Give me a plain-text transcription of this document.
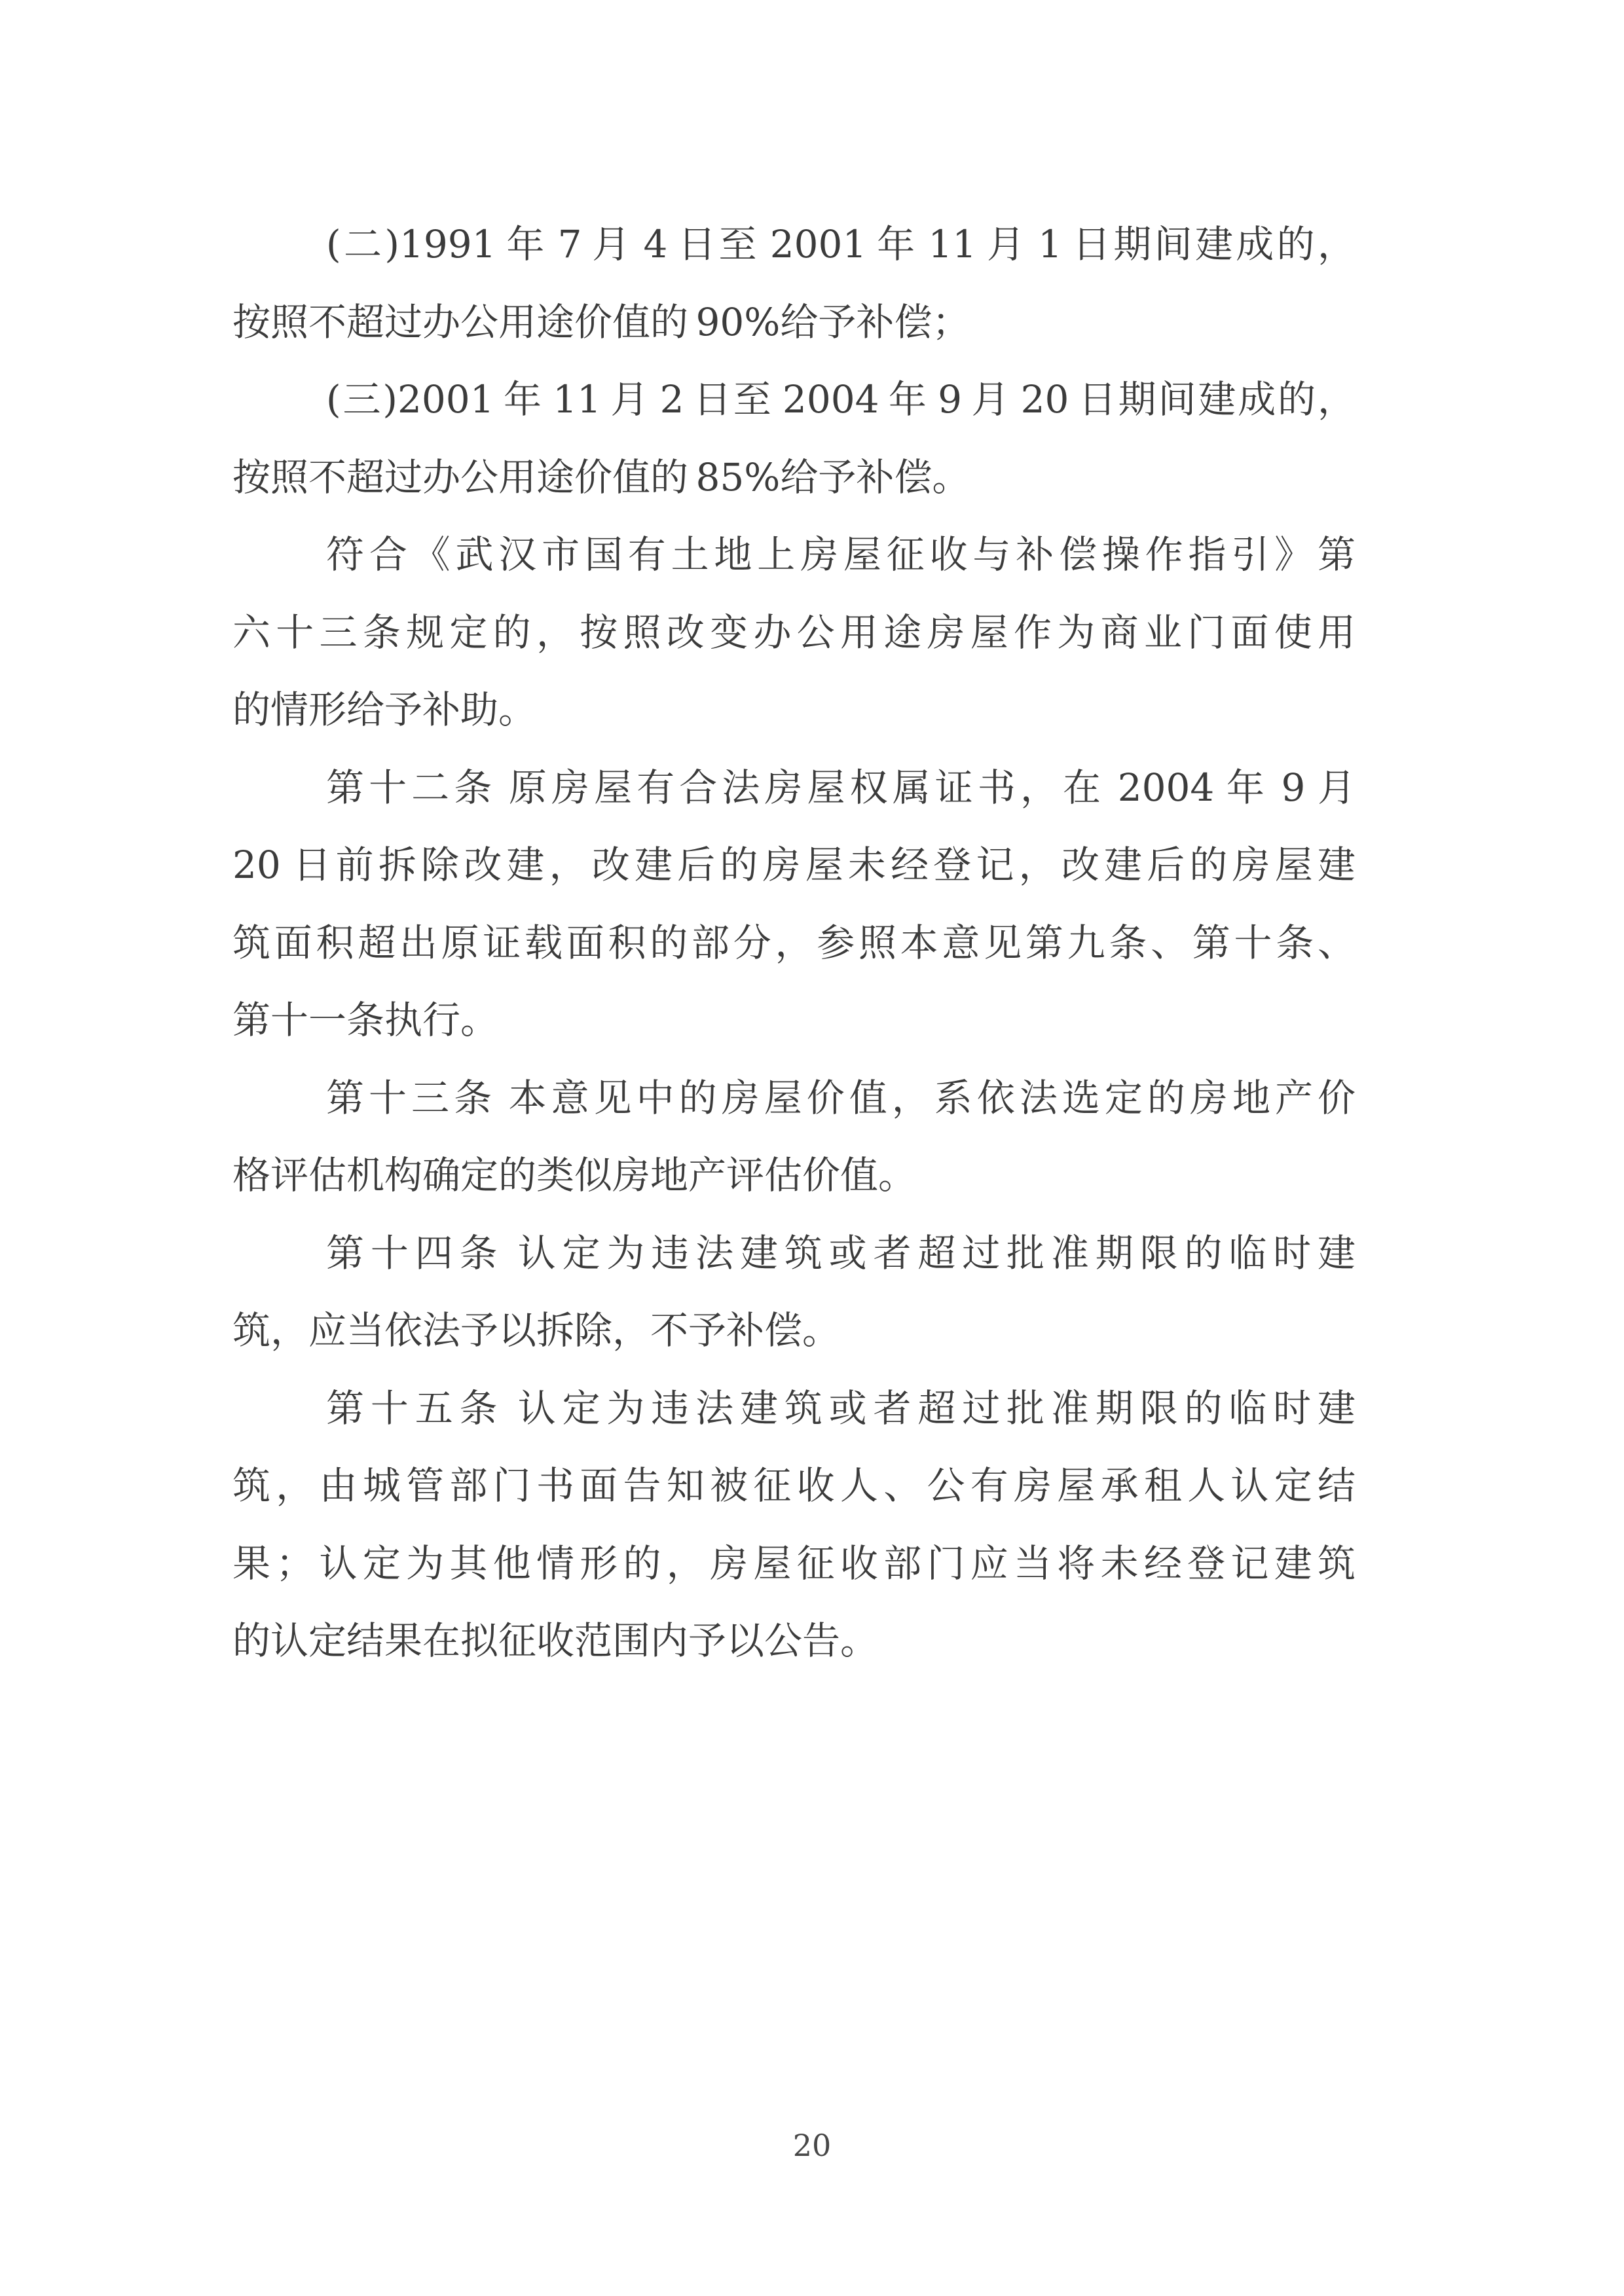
(二)1991 年 7 月 4 日至 2001 年 11 月 1 日期间建成的，

按照不超过办公用途价值的 90%给予补偿；

(三)2001 年 11 月 2 日至 2004 年 9 月 20 日期间建成的，

按照不超过办公用途价值的 85%给予补偿。

符合《武汉市国有土地上房屋征收与补偿操作指引》第

六十三条规定的，按照改变办公用途房屋作为商业门面使用

的情形给予补助。

第十二条 原房屋有合法房屋权属证书，在 2004 年 9 月

20 日前拆除改建，改建后的房屋未经登记，改建后的房屋建

筑面积超出原证载面积的部分，参照本意见第九条、第十条、

第十一条执行。

第十三条 本意见中的房屋价值，系依法选定的房地产价

格评估机构确定的类似房地产评估价值。

第十四条 认定为违法建筑或者超过批准期限的临时建

筑，应当依法予以拆除，不予补偿。

第十五条 认定为违法建筑或者超过批准期限的临时建

筑，由城管部门书面告知被征收人、公有房屋承租人认定结

果；认定为其他情形的，房屋征收部门应当将未经登记建筑

的认定结果在拟征收范围内予以公告。

20
